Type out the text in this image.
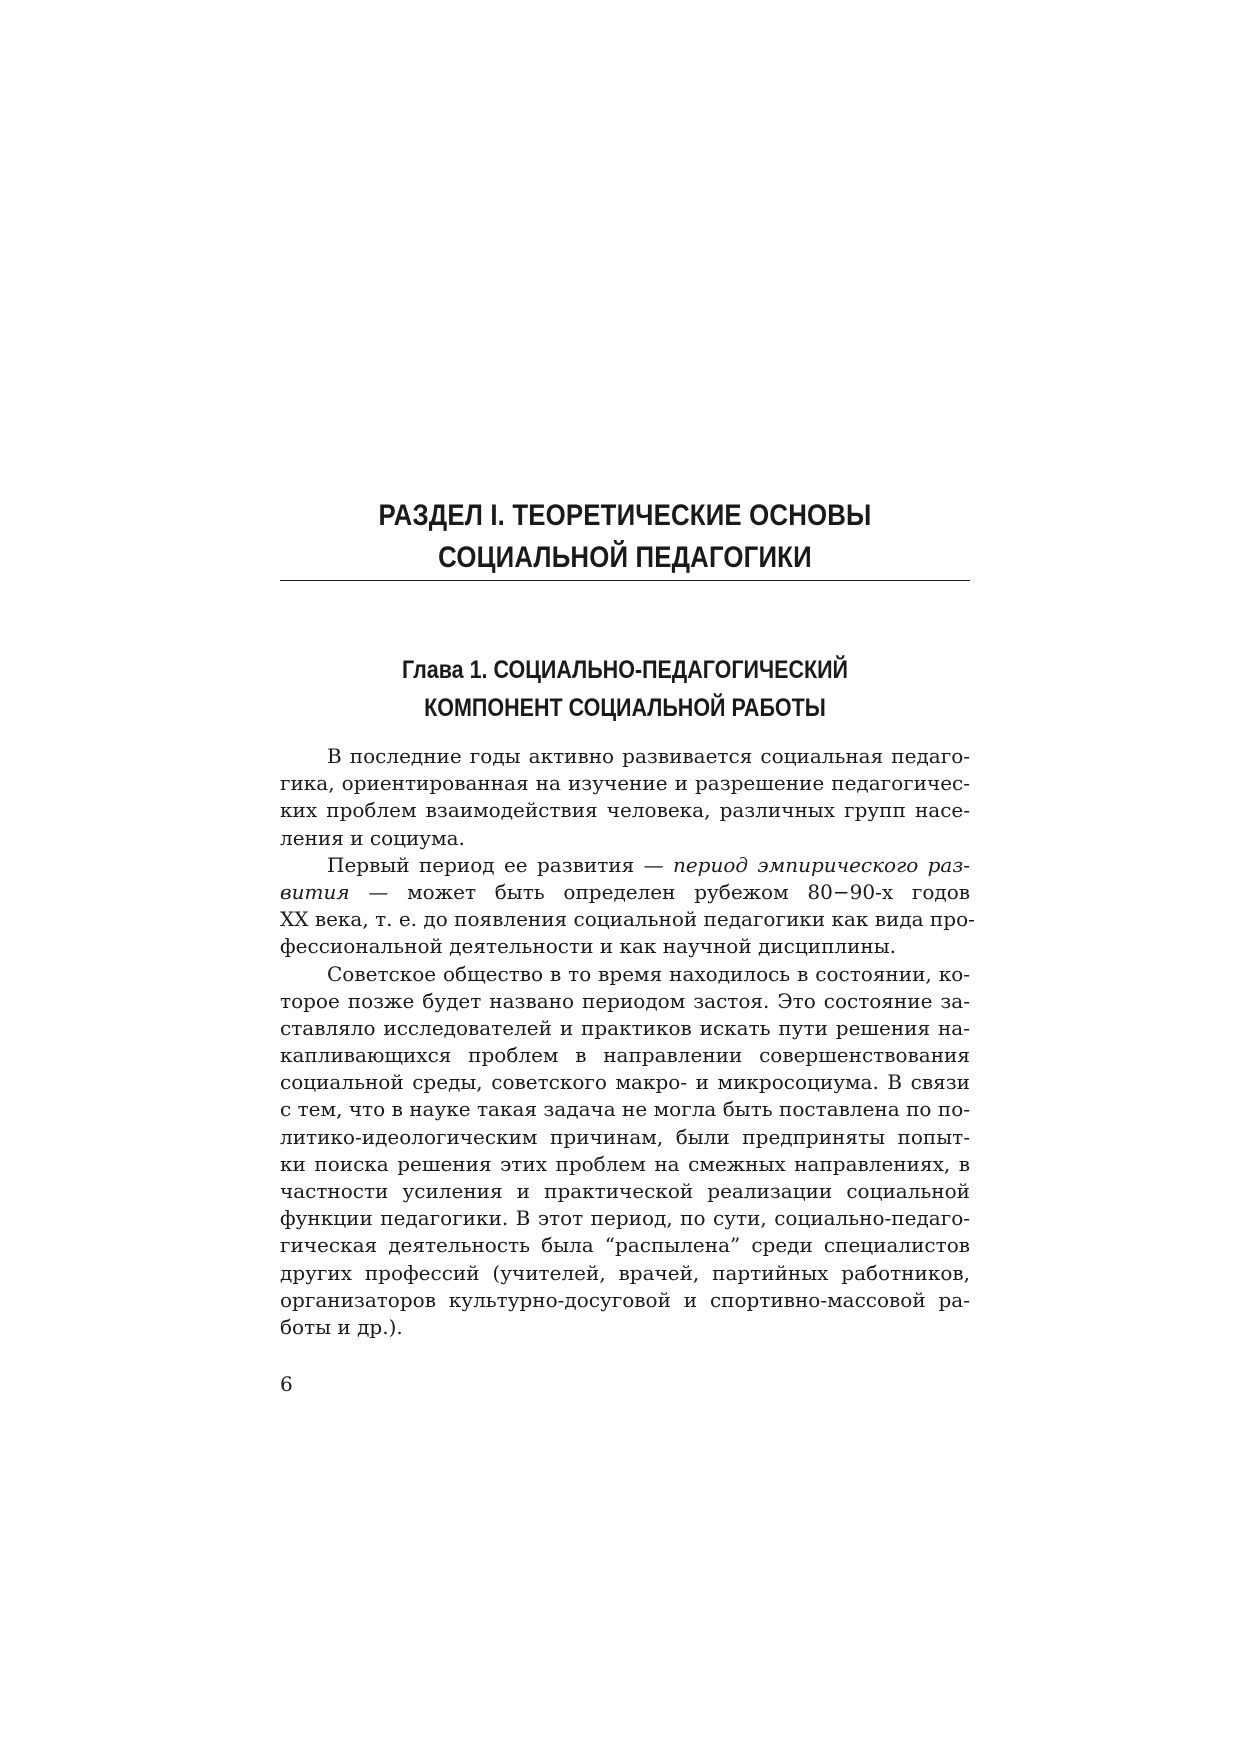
РАЗДЕЛ I. ТЕОРЕТИЧЕСКИЕ ОСНОВЫ
СОЦИАЛЬНОЙ ПЕДАГОГИКИ
Глава 1. СОЦИАЛЬНО-ПЕДАГОГИЧЕСКИЙ
КОМПОНЕНТ СОЦИАЛЬНОЙ РАБОТЫ
В последние годы активно развивается социальная педаго-
гика, ориентированная на изучение и разрешение педагогичес-
ких проблем взаимодействия человека, различных групп насе-
ления и социума.
Первый период ее развития — период эмпирического раз-
вития — может быть определен рубежом 80−90-х годов
XX века, т. е. до появления социальной педагогики как вида про-
фессиональной деятельности и как научной дисциплины.
Советское общество в то время находилось в состоянии, ко-
торое позже будет названо периодом застоя. Это состояние за-
ставляло исследователей и практиков искать пути решения на-
капливающихся проблем в направлении совершенствования
социальной среды, советского макро- и микросоциума. В связи
с тем, что в науке такая задача не могла быть поставлена по по-
литико-идеологическим причинам, были предприняты попыт-
ки поиска решения этих проблем на смежных направлениях, в
частности усиления и практической реализации социальной
функции педагогики. В этот период, по сути, социально-педаго-
гическая деятельность была “распылена” среди специалистов
других профессий (учителей, врачей, партийных работников,
организаторов культурно-досуговой и спортивно-массовой ра-
боты и др.).
6
